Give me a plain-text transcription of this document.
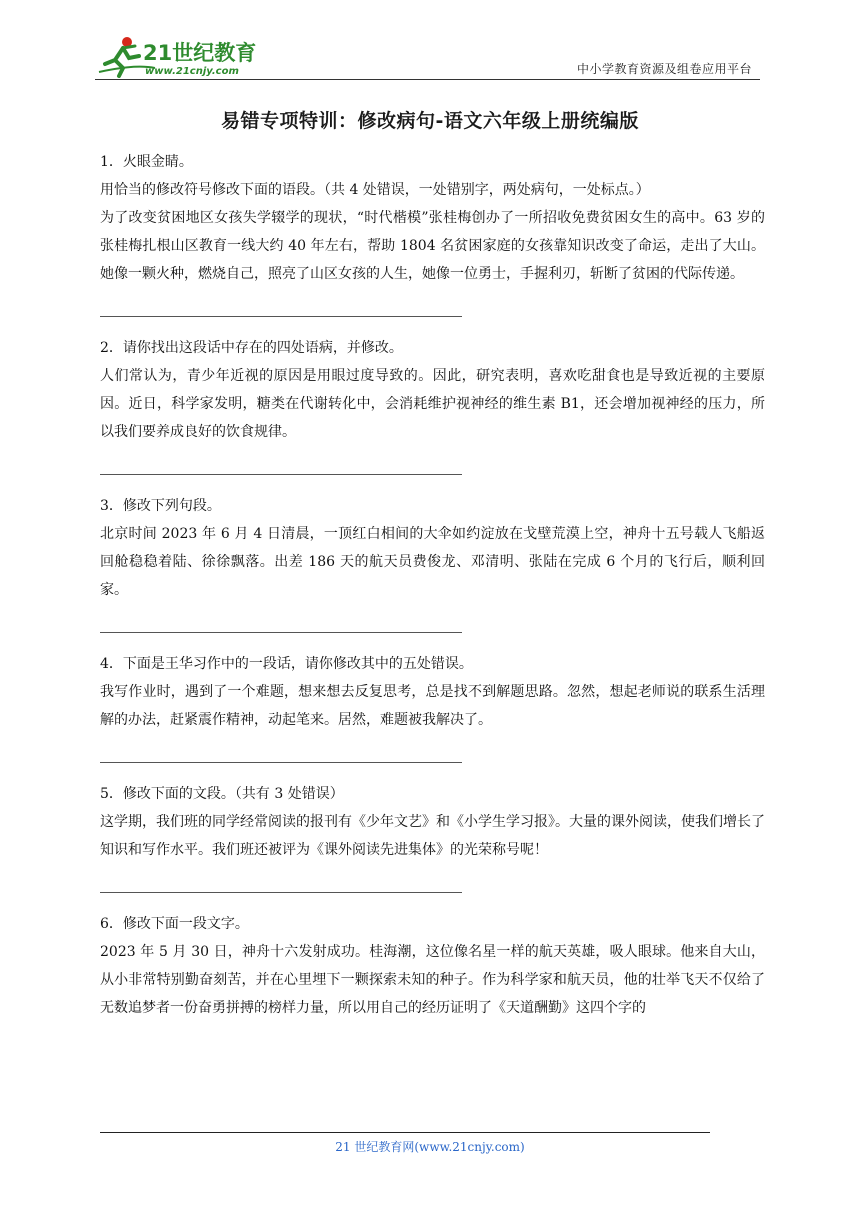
21世纪教育
www.21cnjy.com	中小学教育资源及组卷应用平台
易错专项特训：修改病句-语文六年级上册统编版

1．火眼金睛。

用恰当的修改符号修改下面的语段。（共 4 处错误，一处错别字，两处病句，一处标点。）

为了改变贫困地区女孩失学辍学的现状，“时代楷模”张桂梅创办了一所招收免费贫困女生的高中。63 岁的张桂梅扎根山区教育一线大约 40 年左右，帮助 1804 名贫困家庭的女孩靠知识改变了命运，走出了大山。她像一颗火种，燃烧自己，照亮了山区女孩的人生，她像一位勇士，手握利刃，斩断了贫困的代际传递。

2．请你找出这段话中存在的四处语病，并修改。

人们常认为，青少年近视的原因是用眼过度导致的。因此，研究表明，喜欢吃甜食也是导致近视的主要原因。近日，科学家发明，糖类在代谢转化中，会消耗维护视神经的维生素 B1，还会增加视神经的压力，所以我们要养成良好的饮食规律。

3．修改下列句段。

北京时间 2023 年 6 月 4 日清晨，一顶红白相间的大伞如约淀放在戈壁荒漠上空，神舟十五号载人飞船返回舱稳稳着陆、徐徐飘落。出差 186 天的航天员费俊龙、邓清明、张陆在完成 6 个月的飞行后，顺利回家。

4．下面是王华习作中的一段话，请你修改其中的五处错误。

我写作业时，遇到了一个难题，想来想去反复思考，总是找不到解题思路。忽然，想起老师说的联系生活理解的办法，赶紧震作精神，动起笔来。居然，难题被我解决了。

5．修改下面的文段。（共有 3 处错误）

这学期，我们班的同学经常阅读的报刊有《少年文艺》和《小学生学习报》。大量的课外阅读，使我们增长了知识和写作水平。我们班还被评为《课外阅读先进集体》的光荣称号呢！

6．修改下面一段文字。

2023 年 5 月 30 日，神舟十六发射成功。桂海潮，这位像名星一样的航天英雄，吸人眼球。他来自大山，从小非常特别勤奋刻苦，并在心里埋下一颗探索未知的种子。作为科学家和航天员，他的壮举飞天不仅给了无数追梦者一份奋勇拼搏的榜样力量，所以用自己的经历证明了《天道酬勤》这四个字的

21 世纪教育网(www.21cnjy.com)
